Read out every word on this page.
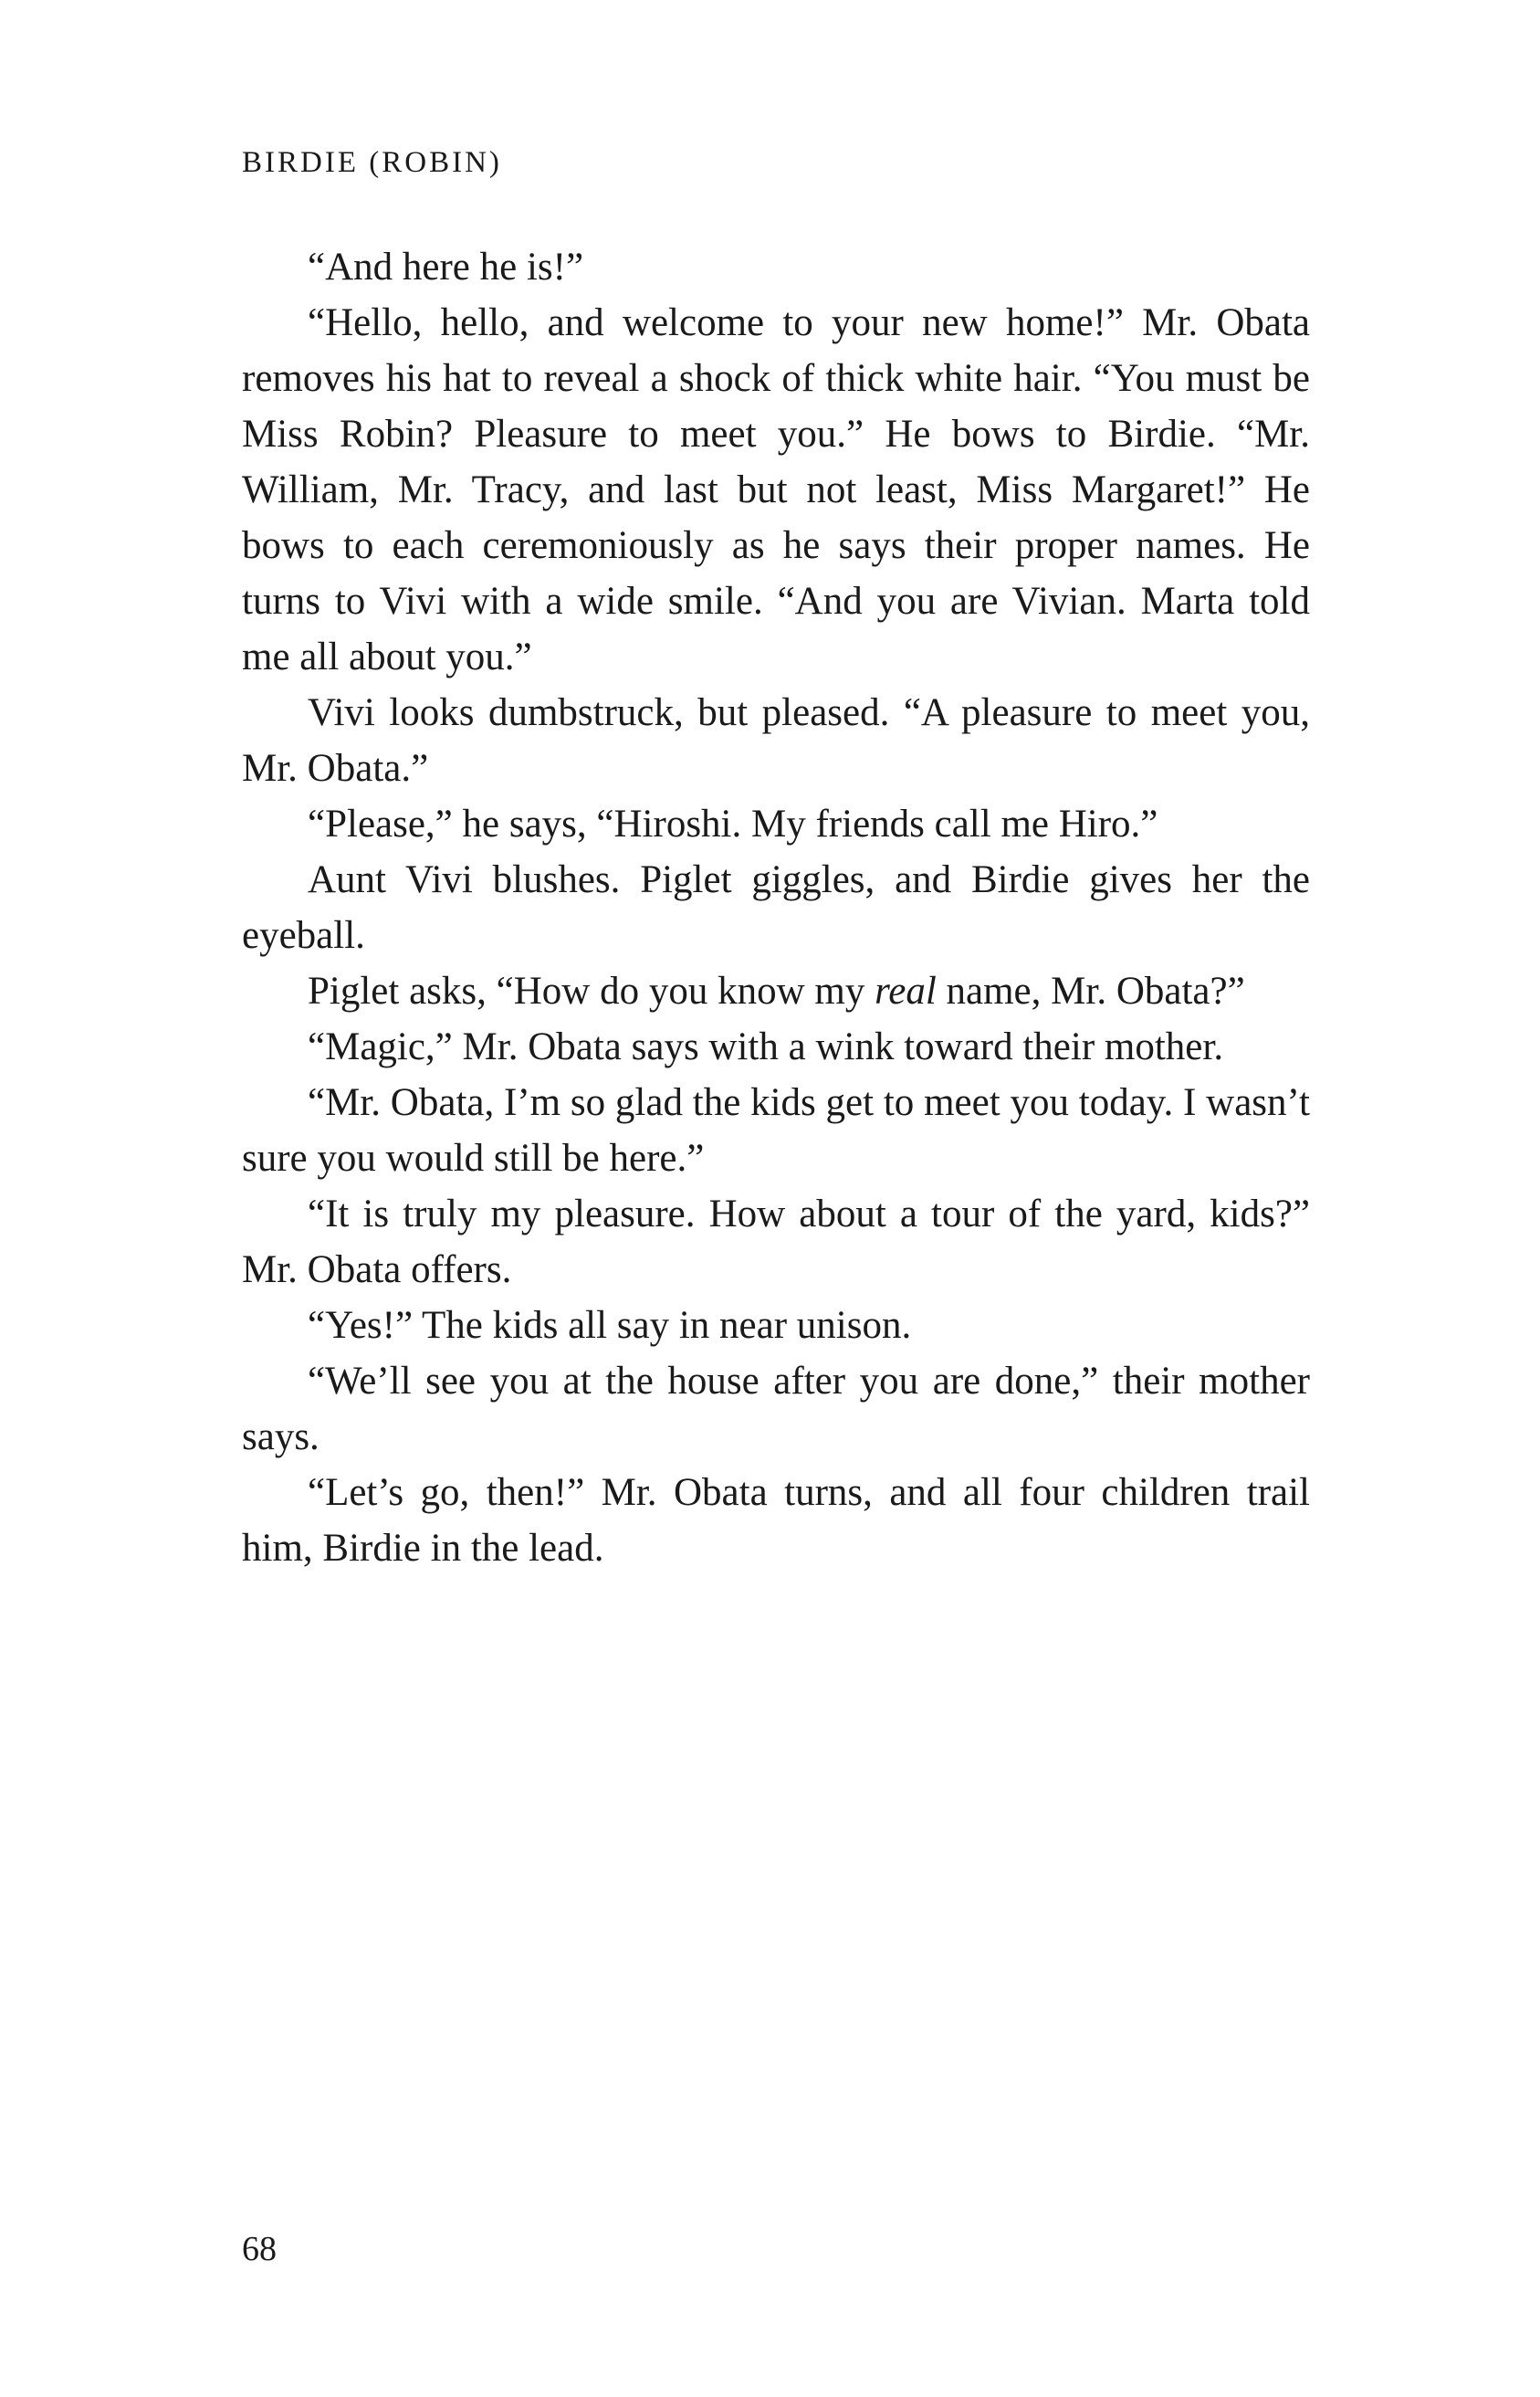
BIRDIE (ROBIN)

“And here he is!”

“Hello, hello, and welcome to your new home!” Mr. Obata removes his hat to reveal a shock of thick white hair. “You must be Miss Robin? Pleasure to meet you.” He bows to Birdie. “Mr. William, Mr. Tracy, and last but not least, Miss Margaret!” He bows to each ceremoniously as he says their proper names. He turns to Vivi with a wide smile. “And you are Vivian. Marta told me all about you.”

Vivi looks dumbstruck, but pleased. “A pleasure to meet you, Mr. Obata.”

“Please,” he says, “Hiroshi. My friends call me Hiro.”

Aunt Vivi blushes. Piglet giggles, and Birdie gives her the eyeball.

Piglet asks, “How do you know my real name, Mr. Obata?”

“Magic,” Mr. Obata says with a wink toward their mother.

“Mr. Obata, I’m so glad the kids get to meet you today. I wasn’t sure you would still be here.”

“It is truly my pleasure. How about a tour of the yard, kids?” Mr. Obata offers.

“Yes!” The kids all say in near unison.

“We’ll see you at the house after you are done,” their mother says.

“Let’s go, then!” Mr. Obata turns, and all four children trail him, Birdie in the lead.

68
